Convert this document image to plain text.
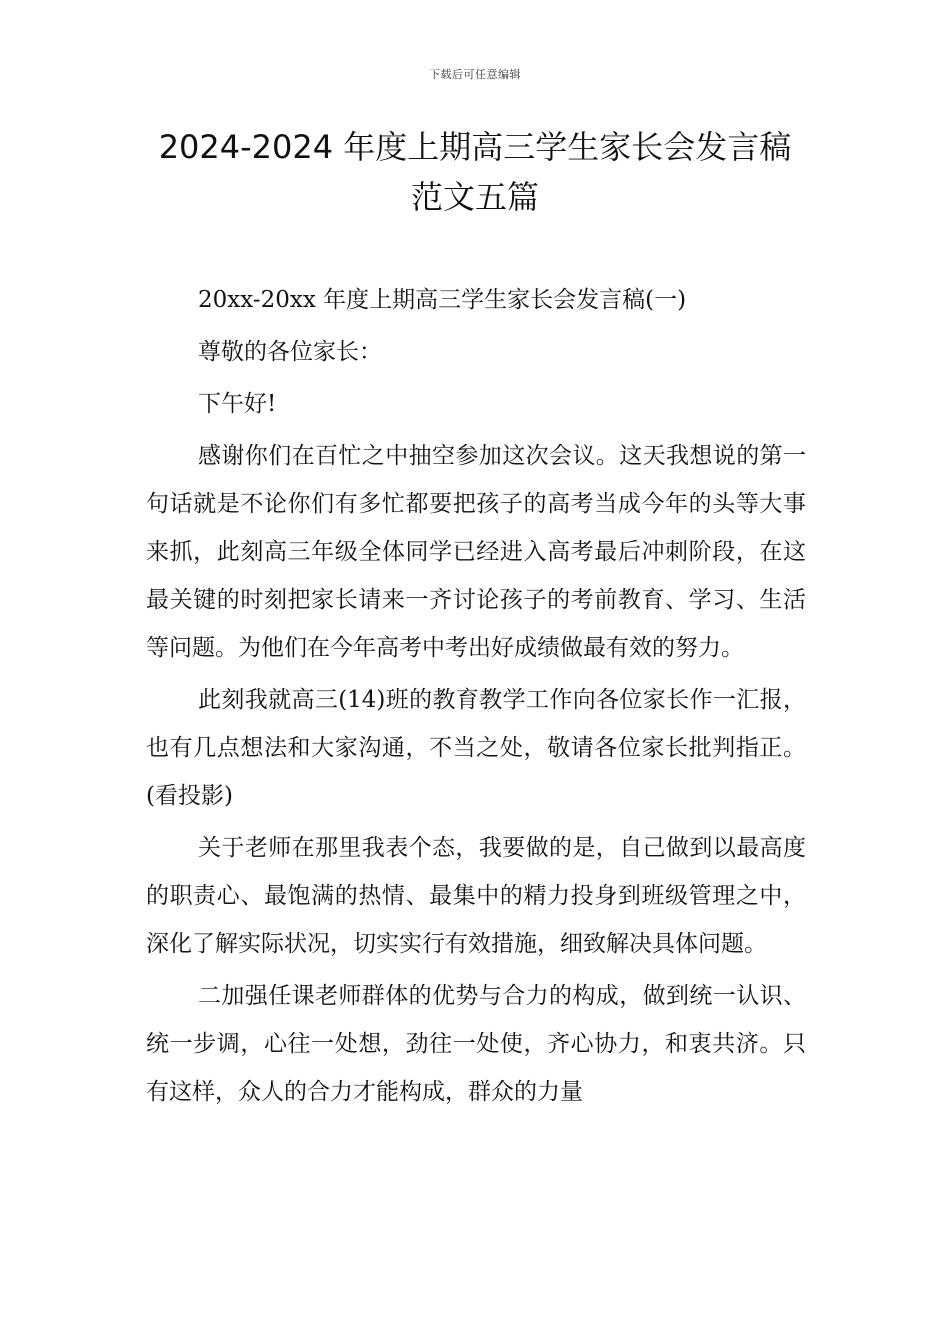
下载后可任意编辑
2024-2024 年度上期高三学生家长会发言稿
范文五篇

20xx-20xx 年度上期高三学生家长会发言稿(一)

尊敬的各位家长：

下午好!

感谢你们在百忙之中抽空参加这次会议。这天我想说的第一句话就是不论你们有多忙都要把孩子的高考当成今年的头等大事来抓，此刻高三年级全体同学已经进入高考最后冲刺阶段，在这最关键的时刻把家长请来一齐讨论孩子的考前教育、学习、生活等问题。为他们在今年高考中考出好成绩做最有效的努力。

此刻我就高三(14)班的教育教学工作向各位家长作一汇报，也有几点想法和大家沟通，不当之处，敬请各位家长批判指正。(看投影)

关于老师在那里我表个态，我要做的是，自己做到以最高度的职责心、最饱满的热情、最集中的精力投身到班级管理之中，深化了解实际状况，切实实行有效措施，细致解决具体问题。

二加强任课老师群体的优势与合力的构成，做到统一认识、统一步调，心往一处想，劲往一处使，齐心协力，和衷共济。只有这样，众人的合力才能构成，群众的力量
